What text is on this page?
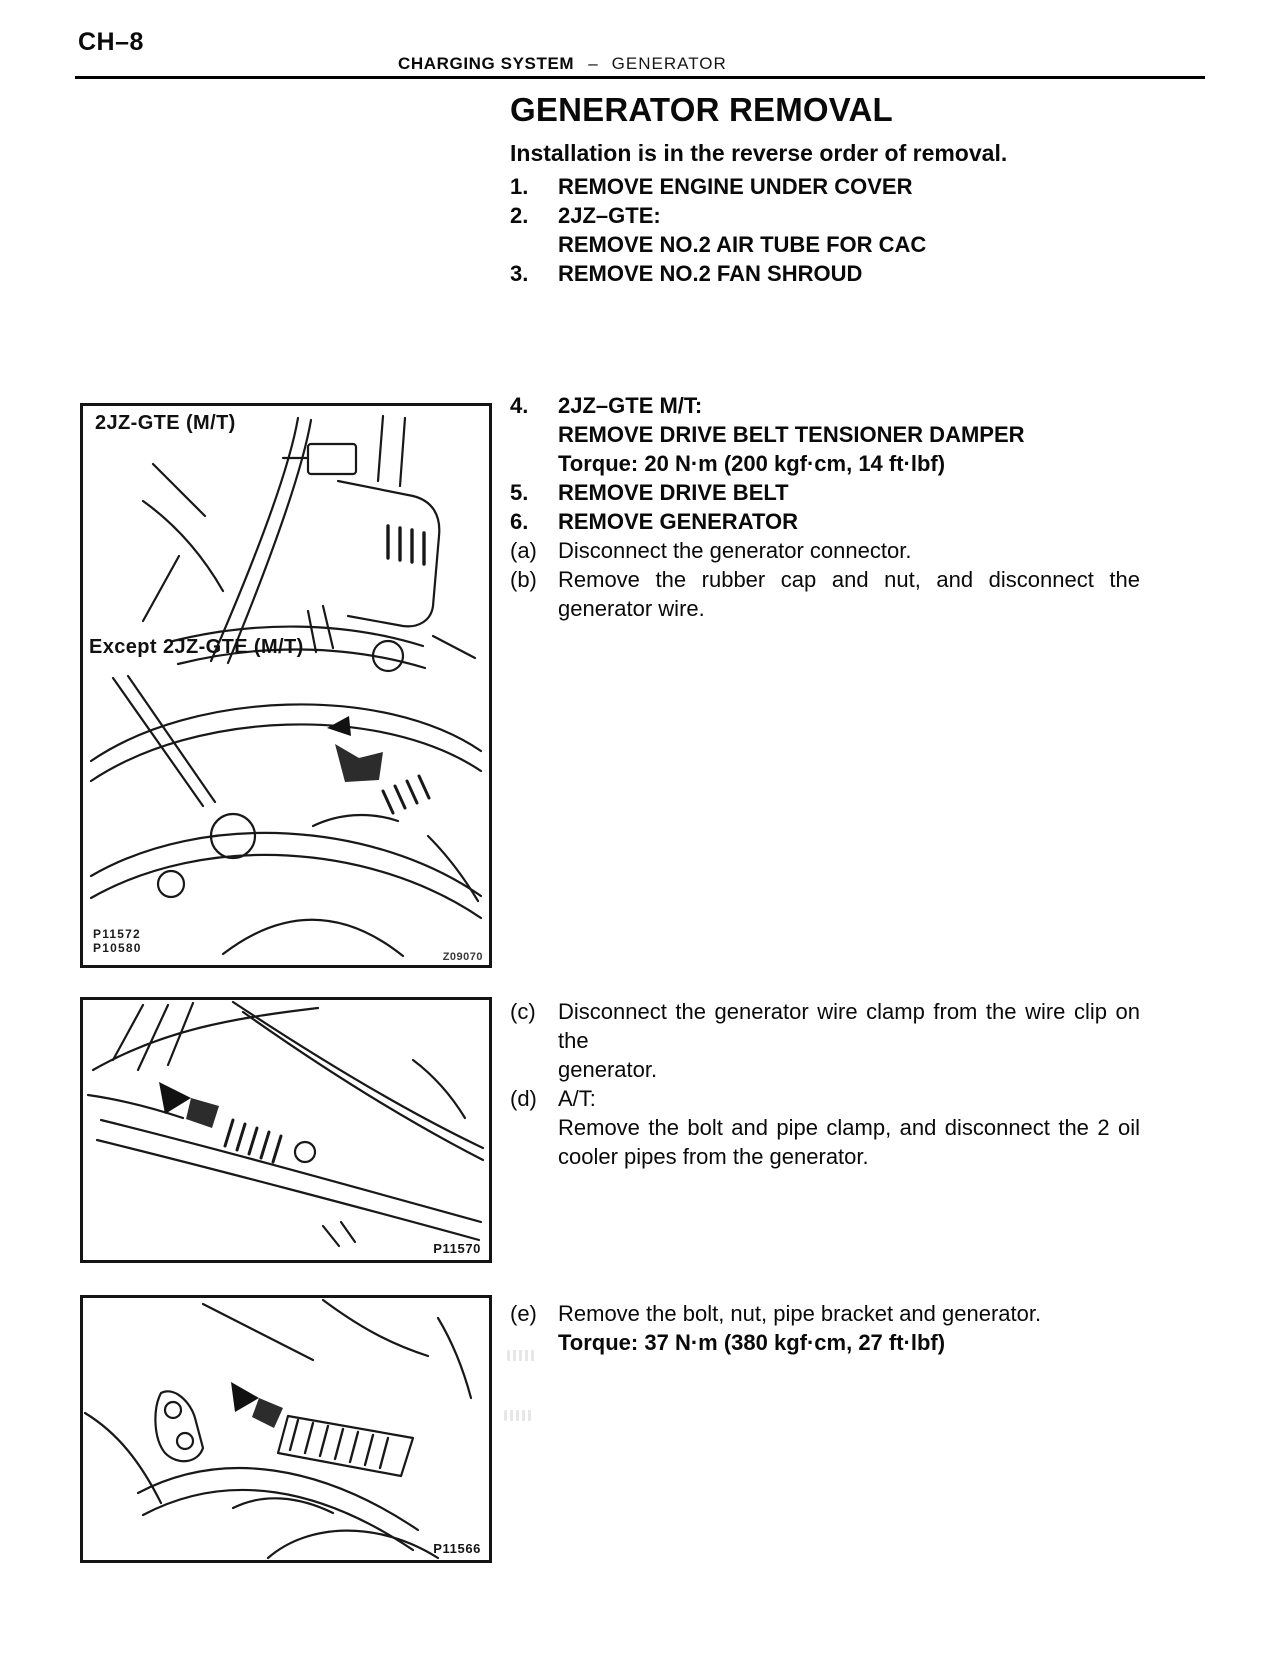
CH–8
CHARGING SYSTEM – GENERATOR
GENERATOR REMOVAL
Installation is in the reverse order of removal.
1.	REMOVE ENGINE UNDER COVER
2.	2JZ–GTE:
REMOVE NO.2 AIR TUBE FOR CAC
3.	REMOVE NO.2 FAN SHROUD
4.	2JZ–GTE M/T:
REMOVE DRIVE BELT TENSIONER DAMPER
Torque: 20 N·m (200 kgf·cm, 14 ft·lbf)
5.	REMOVE DRIVE BELT
6.	REMOVE GENERATOR
(a) Disconnect the generator connector.
(b) Remove the rubber cap and nut, and disconnect the
generator wire.
(c)	Disconnect the generator wire clamp from the wire clip on the
generator.
(d) A/T:
Remove the bolt and pipe clamp, and disconnect the 2 oil
cooler pipes from the generator.
(e) Remove the bolt, nut, pipe bracket and generator.
Torque: 37 N·m (380 kgf·cm, 27 ft·lbf)
2JZ-GTE (M/T)
Except 2JZ-GTE (M/T)
P11572
P10580
Z09070
P11570
P11566
